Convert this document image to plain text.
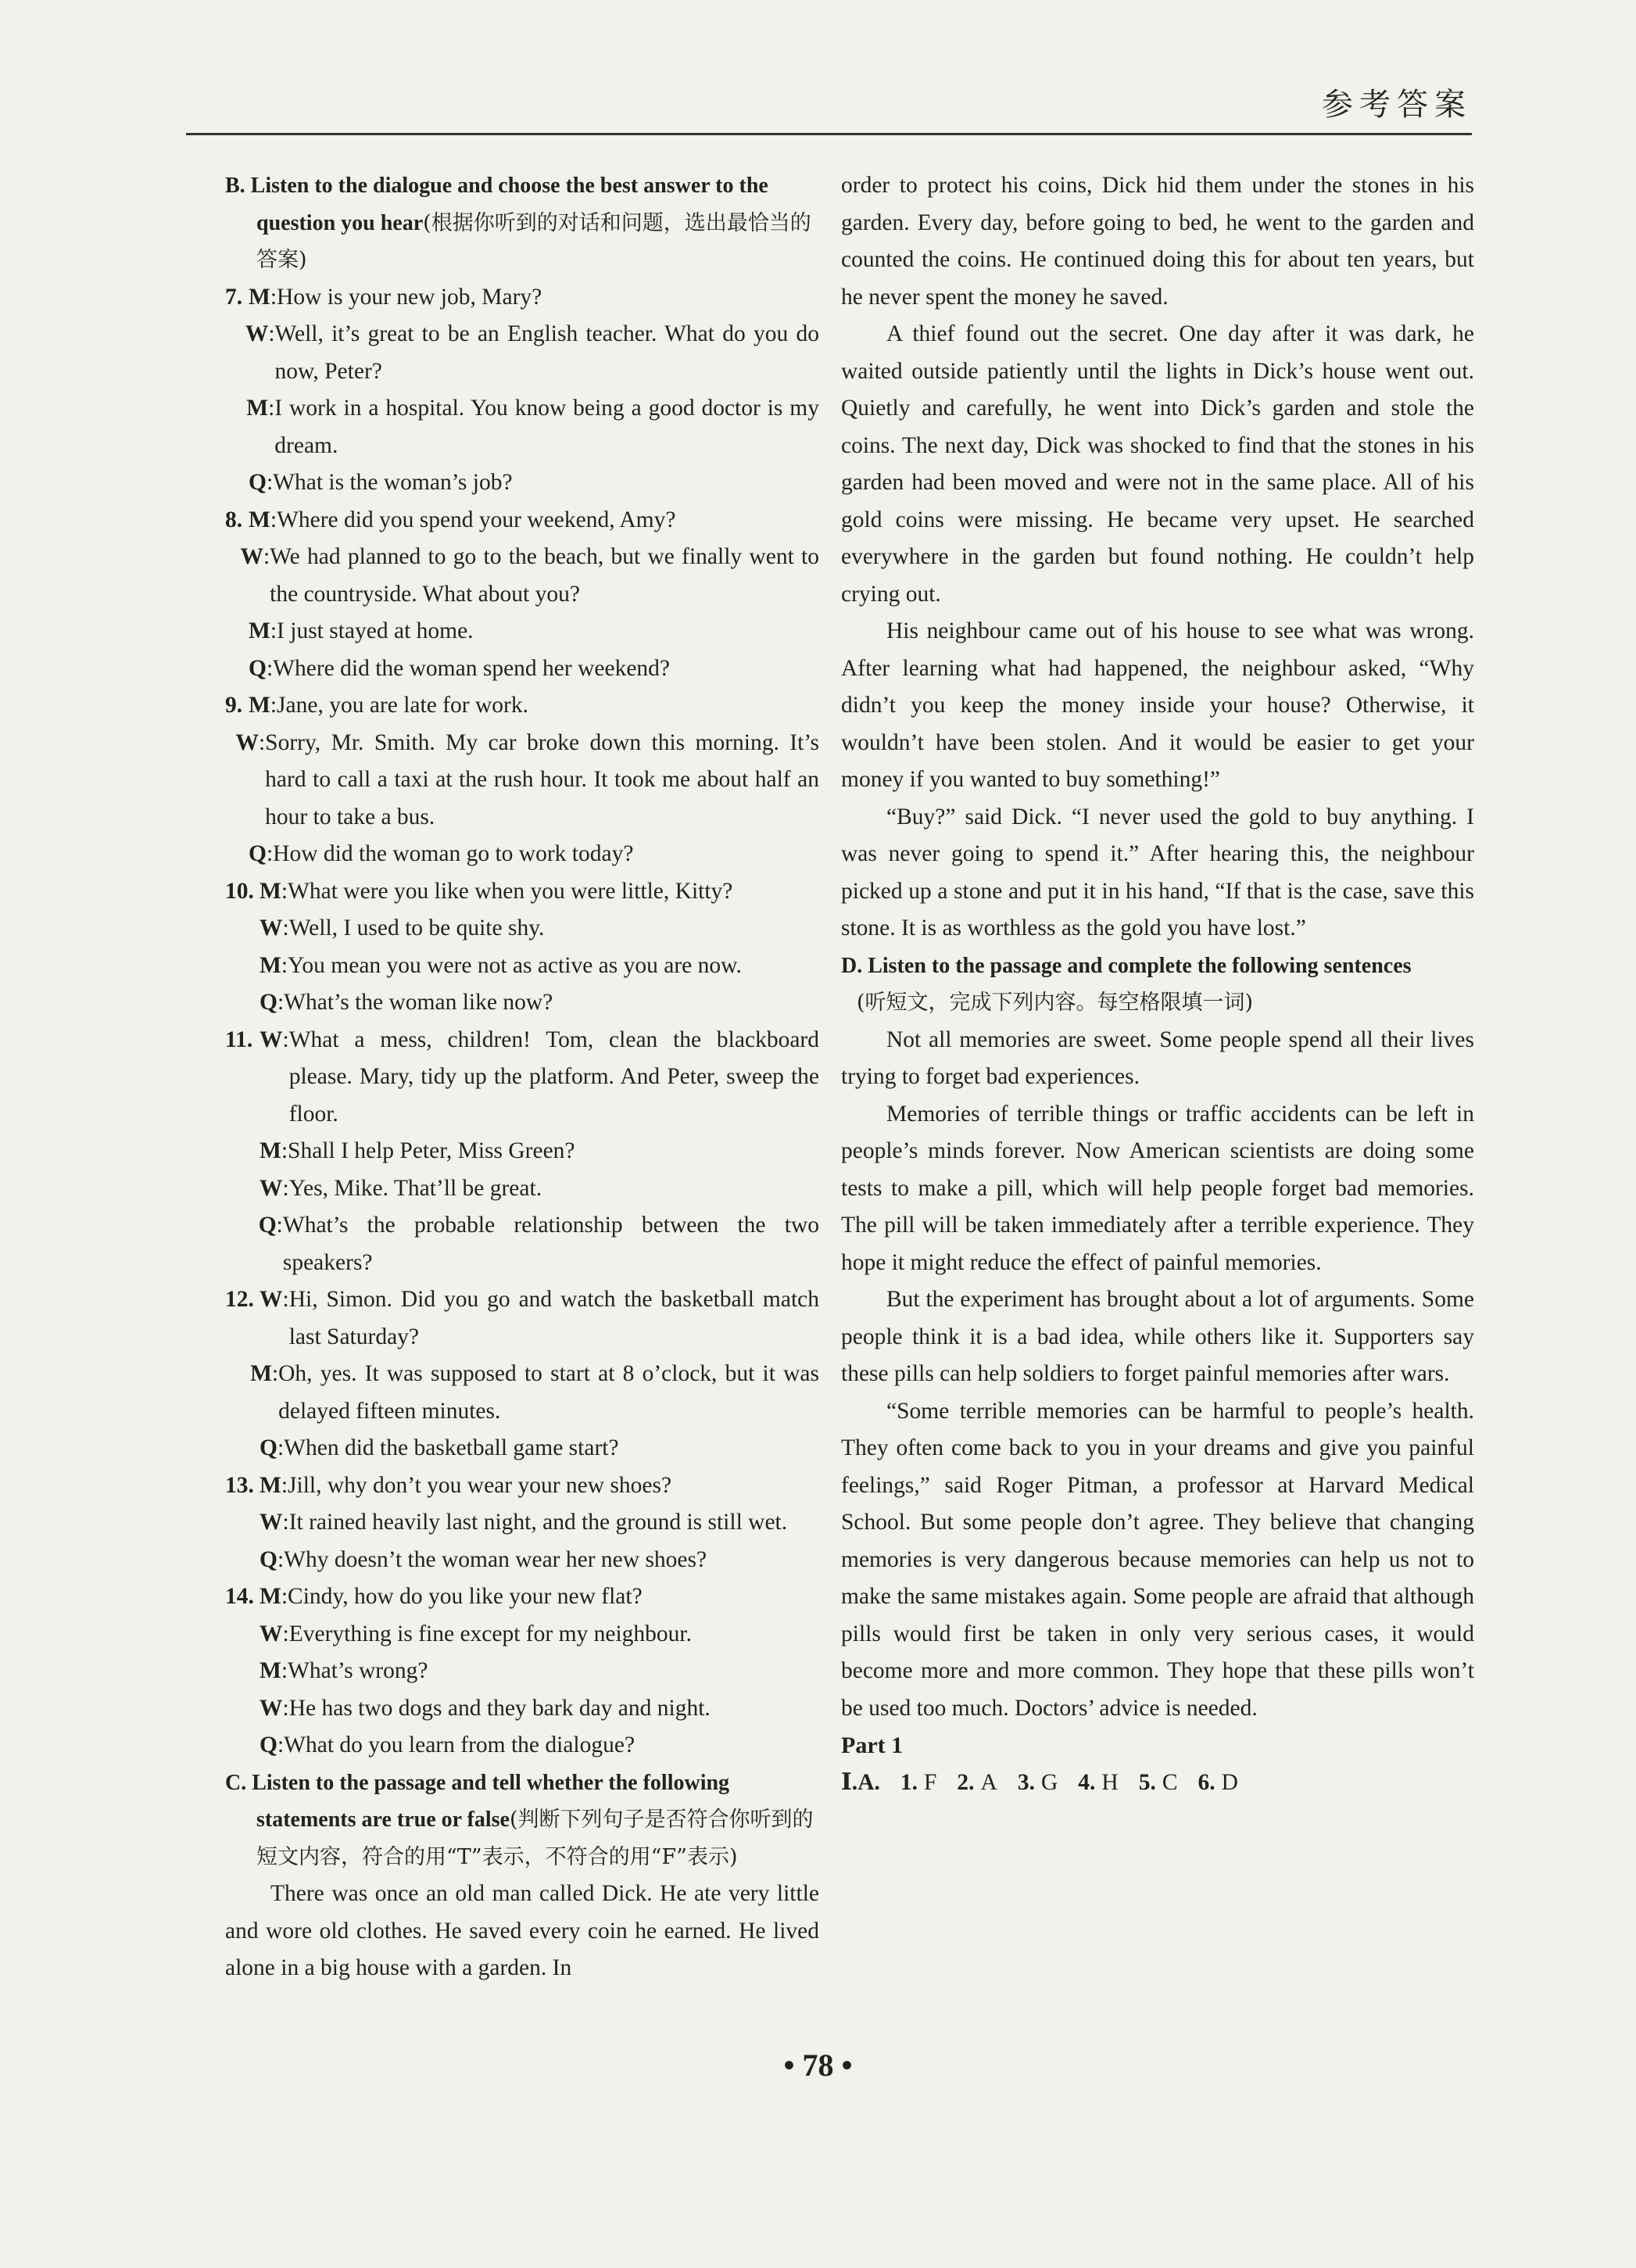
参考答案

B. Listen to the dialogue and choose the best answer to the question you hear(根据你听到的对话和问题，选出最恰当的答案)

7. M : How is your new job, Mary?
W : Well, it’s great to be an English teacher. What do you do now, Peter?
M : I work in a hospital. You know being a good doctor is my dream.
Q : What is the woman’s job?
8. M : Where did you spend your weekend, Amy?
W : We had planned to go to the beach, but we finally went to the countryside. What about you?
M : I just stayed at home.
Q : Where did the woman spend her weekend?
9. M : Jane, you are late for work.
W : Sorry, Mr. Smith. My car broke down this morning. It’s hard to call a taxi at the rush hour. It took me about half an hour to take a bus.
Q : How did the woman go to work today?
10. M : What were you like when you were little, Kitty?
W : Well, I used to be quite shy.
M : You mean you were not as active as you are now.
Q : What’s the woman like now?
11. W : What a mess, children! Tom, clean the blackboard please. Mary, tidy up the platform. And Peter, sweep the floor.
M : Shall I help Peter, Miss Green?
W : Yes, Mike. That’ll be great.
Q : What’s the probable relationship between the two speakers?
12. W : Hi, Simon. Did you go and watch the basketball match last Saturday?
M : Oh, yes. It was supposed to start at 8 o’clock, but it was delayed fifteen minutes.
Q : When did the basketball game start?
13. M : Jill, why don’t you wear your new shoes?
W : It rained heavily last night, and the ground is still wet.
Q : Why doesn’t the woman wear her new shoes?
14. M : Cindy, how do you like your new flat?
W : Everything is fine except for my neighbour.
M : What’s wrong?
W : He has two dogs and they bark day and night.
Q : What do you learn from the dialogue?

C. Listen to the passage and tell whether the following statements are true or false(判断下列句子是否符合你听到的短文内容，符合的用“T”表示，不符合的用“F”表示)

There was once an old man called Dick. He ate very little and wore old clothes. He saved every coin he earned. He lived alone in a big house with a garden. In

order to protect his coins, Dick hid them under the stones in his garden. Every day, before going to bed, he went to the garden and counted the coins. He continued doing this for about ten years, but he never spent the money he saved.

A thief found out the secret. One day after it was dark, he waited outside patiently until the lights in Dick’s house went out. Quietly and carefully, he went into Dick’s garden and stole the coins. The next day, Dick was shocked to find that the stones in his garden had been moved and were not in the same place. All of his gold coins were missing. He became very upset. He searched everywhere in the garden but found nothing. He couldn’t help crying out.

His neighbour came out of his house to see what was wrong. After learning what had happened, the neighbour asked, “Why didn’t you keep the money inside your house? Otherwise, it wouldn’t have been stolen. And it would be easier to get your money if you wanted to buy something!”

“Buy?” said Dick. “I never used the gold to buy anything. I was never going to spend it.” After hearing this, the neighbour picked up a stone and put it in his hand, “If that is the case, save this stone. It is as worthless as the gold you have lost.”

D. Listen to the passage and complete the following sentences
(听短文，完成下列内容。每空格限填一词)

Not all memories are sweet. Some people spend all their lives trying to forget bad experiences.

Memories of terrible things or traffic accidents can be left in people’s minds forever. Now American scientists are doing some tests to make a pill, which will help people forget bad memories. The pill will be taken immediately after a terrible experience. They hope it might reduce the effect of painful memories.

But the experiment has brought about a lot of arguments. Some people think it is a bad idea, while others like it. Supporters say these pills can help soldiers to forget painful memories after wars.

“Some terrible memories can be harmful to people’s health. They often come back to you in your dreams and give you painful feelings,” said Roger Pitman, a professor at Harvard Medical School. But some people don’t agree. They believe that changing memories is very dangerous because memories can help us not to make the same mistakes again. Some people are afraid that although pills would first be taken in only very serious cases, it would become more and more common. They hope that these pills won’t be used too much. Doctors’ advice is needed.

Part 1

Ⅰ.A. 1. F 2. A 3. G 4. H 5. C 6. D
• 78 •
